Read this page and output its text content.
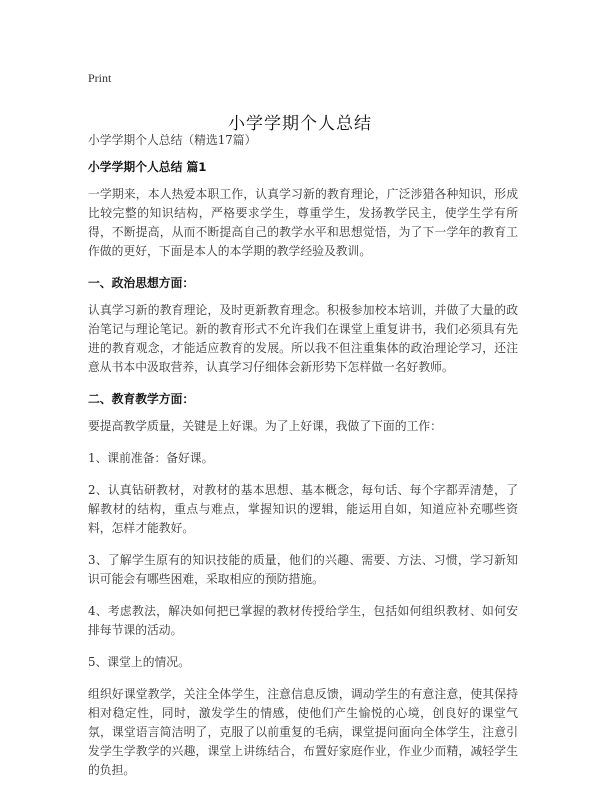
Print
小学学期个人总结

小学学期个人总结（精选17篇）

小学学期个人总结 篇1

一学期来，本人热爱本职工作，认真学习新的教育理论，广泛涉猎各种知识，形成比较完整的知识结构，严格要求学生，尊重学生，发扬教学民主，使学生学有所得，不断提高，从而不断提高自己的教学水平和思想觉悟，为了下一学年的教育工作做的更好，下面是本人的本学期的教学经验及教训。

一、政治思想方面：

认真学习新的教育理论，及时更新教育理念。积极参加校本培训，并做了大量的政治笔记与理论笔记。新的教育形式不允许我们在课堂上重复讲书，我们必须具有先进的教育观念，才能适应教育的发展。所以我不但注重集体的政治理论学习，还注意从书本中汲取营养，认真学习仔细体会新形势下怎样做一名好教师。

二、教育教学方面：

要提高教学质量，关键是上好课。为了上好课，我做了下面的工作：

1、课前准备：备好课。

2、认真钻研教材，对教材的基本思想、基本概念，每句话、每个字都弄清楚，了解教材的结构，重点与难点，掌握知识的逻辑，能运用自如，知道应补充哪些资料，怎样才能教好。

3、了解学生原有的知识技能的质量，他们的兴趣、需要、方法、习惯，学习新知识可能会有哪些困难，采取相应的预防措施。

4、考虑教法，解决如何把已掌握的教材传授给学生，包括如何组织教材、如何安排每节课的活动。

5、课堂上的情况。

组织好课堂教学，关注全体学生，注意信息反馈，调动学生的有意注意，使其保持相对稳定性，同时，激发学生的情感，使他们产生愉悦的心境，创良好的课堂气氛，课堂语言简洁明了，克服了以前重复的毛病，课堂提问面向全体学生，注意引发学生学教学的兴趣，课堂上讲练结合，布置好家庭作业，作业少而精，减轻学生的负担。
